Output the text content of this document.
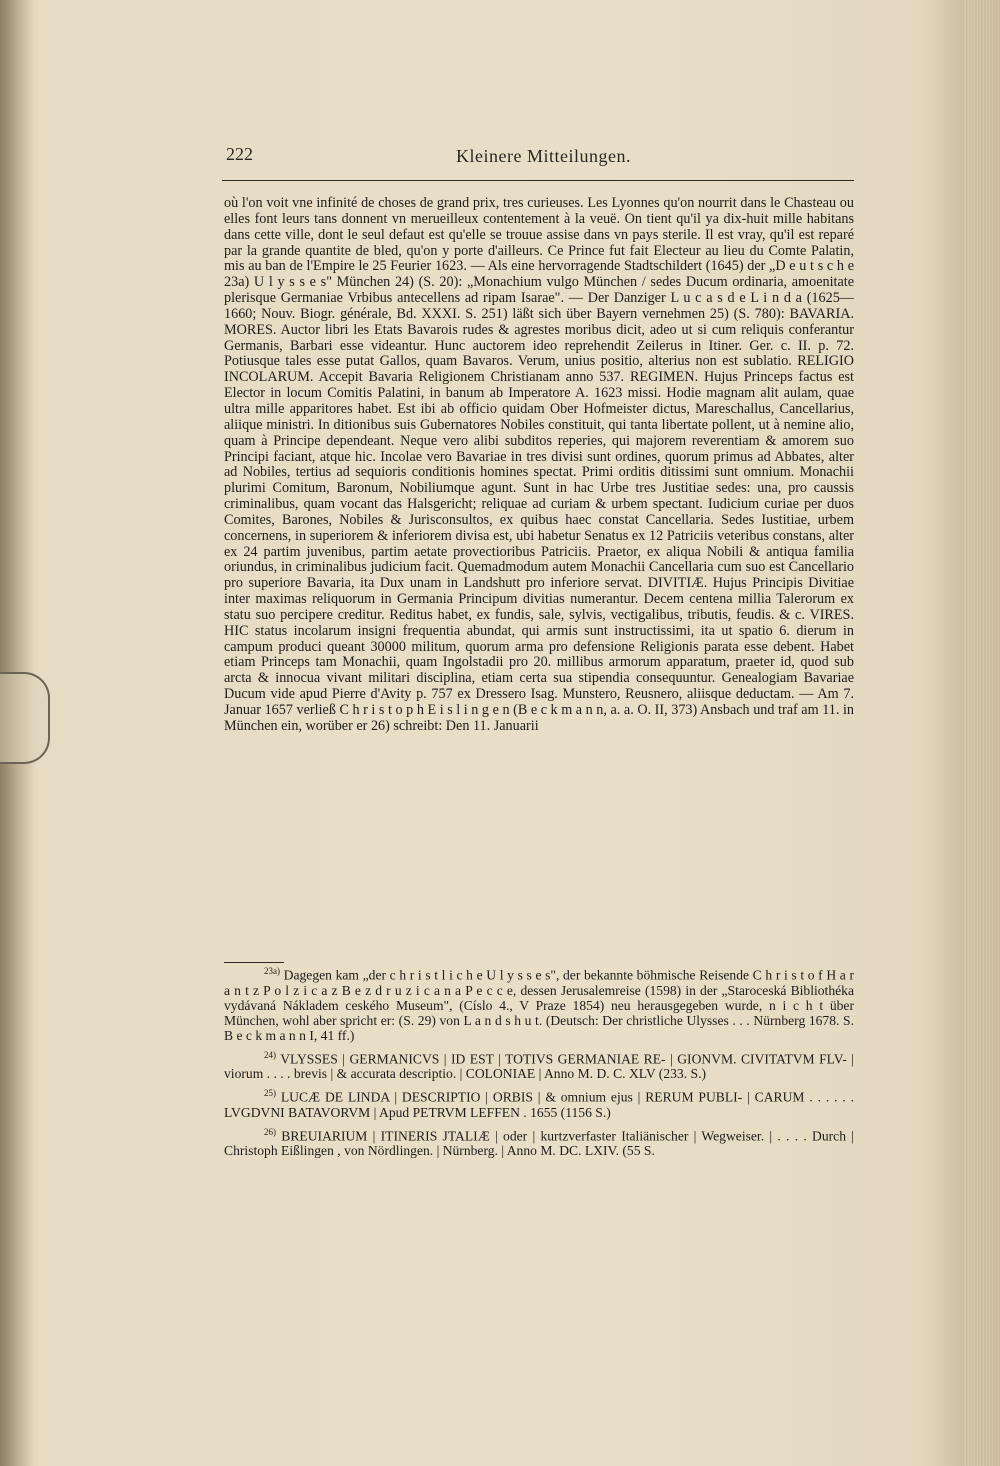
222	Kleinere Mitteilungen.

où l'on voit vne infinité de choses de grand prix, tres curieuses. Les Lyonnes qu'on nourrit dans le Chasteau ou elles font leurs tans donnent vn merueilleux contentement à la veuë. On tient qu'il ya dix-huit mille habitans dans cette ville, dont le seul defaut est qu'elle se trouue assise dans vn pays sterile. Il est vray, qu'il est reparé par la grande quantite de bled, qu'on y porte d'ailleurs. Ce Prince fut fait Electeur au lieu du Comte Palatin, mis au ban de l'Empire le 25 Feurier 1623. — Als eine hervorragende Stadtschildert (1645) der „D e u t s c h e 23a) U l y s s e s" München 24) (S. 20): „Monachium vulgo München / sedes Ducum ordinaria, amoenitate plerisque Germaniae Vrbibus antecellens ad ripam Isarae". — Der Danziger L u c a s d e L i n d a (1625—1660; Nouv. Biogr. générale, Bd. XXXI. S. 251) läßt sich über Bayern vernehmen 25) (S. 780): BAVARIA. MORES. Auctor libri les Etats Bavarois rudes & agrestes moribus dicit, adeo ut si cum reliquis conferantur Germanis, Barbari esse videantur. Hunc auctorem ideo reprehendit Zeilerus in Itiner. Ger. c. II. p. 72. Potiusque tales esse putat Gallos, quam Bavaros. Verum, unius positio, alterius non est sublatio. RELIGIO INCOLARUM. Accepit Bavaria Religionem Christianam anno 537. REGIMEN. Hujus Princeps factus est Elector in locum Comitis Palatini, in banum ab Imperatore A. 1623 missi. Hodie magnam alit aulam, quae ultra mille apparitores habet. Est ibi ab officio quidam Ober Hofmeister dictus, Mareschallus, Cancellarius, aliique ministri. In ditionibus suis Gubernatores Nobiles constituit, qui tanta libertate pollent, ut à nemine alio, quam à Principe dependeant. Neque vero alibi subditos reperies, qui majorem reverentiam & amorem suo Principi faciant, atque hic. Incolae vero Bavariae in tres divisi sunt ordines, quorum primus ad Abbates, alter ad Nobiles, tertius ad sequioris conditionis homines spectat. Primi orditis ditissimi sunt omnium. Monachii plurimi Comitum, Baronum, Nobiliumque agunt. Sunt in hac Urbe tres Justitiae sedes: una, pro caussis criminalibus, quam vocant das Halsgericht; reliquae ad curiam & urbem spectant. Iudicium curiae per duos Comites, Barones, Nobiles & Jurisconsultos, ex quibus haec constat Cancellaria. Sedes Iustitiae, urbem concernens, in superiorem & inferiorem divisa est, ubi habetur Senatus ex 12 Patriciis veteribus constans, alter ex 24 partim juvenibus, partim aetate provectioribus Patriciis. Praetor, ex aliqua Nobili & antiqua familia oriundus, in criminalibus judicium facit. Quemadmodum autem Monachii Cancellaria cum suo est Cancellario pro superiore Bavaria, ita Dux unam in Landshutt pro inferiore servat. DIVITIÆ. Hujus Principis Divitiae inter maximas reliquorum in Germania Principum divitias numerantur. Decem centena millia Talerorum ex statu suo percipere creditur. Reditus habet, ex fundis, sale, sylvis, vectigalibus, tributis, feudis. & c. VIRES. HIC status incolarum insigni frequentia abundat, qui armis sunt instructissimi, ita ut spatio 6. dierum in campum produci queant 30000 militum, quorum arma pro defensione Religionis parata esse debent. Habet etiam Princeps tam Monachii, quam Ingolstadii pro 20. millibus armorum apparatum, praeter id, quod sub arcta & innocua vivant militari disciplina, etiam certa sua stipendia consequuntur. Genealogiam Bavariae Ducum vide apud Pierre d'Avity p. 757 ex Dressero Isag. Munstero, Reusnero, aliisque deductam. — Am 7. Januar 1657 verließ C h r i s t o p h E i s l i n g e n (B e c k m a n n, a. a. O. II, 373) Ansbach und traf am 11. in München ein, worüber er 26) schreibt: Den 11. Januarii

$^{23a)}$ Dagegen kam „der c h r i s t l i c h e U l y s s e s", der bekannte böhmische Reisende C h r i s t o f H a r a n t z P o l z i c a z B e z d r u z i c a n a P e c c e, dessen Jerusalemreise (1598) in der „Staroceská Bibliothéka vydávaná Nákladem ceského Museum", (Císlo 4., V Praze 1854) neu herausgegeben wurde, n i c h t über München, wohl aber spricht er: (S. 29) von L a n d s h u t. (Deutsch: Der christliche Ulysses . . . Nürnberg 1678. S. B e c k m a n n I, 41 ff.)

$^{24)}$ VLYSSES | GERMANICVS | ID EST | TOTIVS GERMANIAE RE- | GIONVM. CIVITATVM FLV- | viorum . . . . brevis | & accurata descriptio. | COLONIAE | Anno M. D. C. XLV (233. S.)

$^{25)}$ LUCÆ DE LINDA | DESCRIPTIO | ORBIS | & omnium ejus | RERUM PUBLI- | CARUM . . . . . . LVGDVNI BATAVORVM | Apud PETRVM LEFFEN . 1655 (1156 S.)

$^{26)}$ BREUIARIUM | ITINERIS JTALIÆ | oder | kurtzverfaster Italiänischer | Wegweiser. | . . . . Durch | Christoph Eißlingen , von Nördlingen. | Nürnberg. | Anno M. DC. LXIV. (55 S.
